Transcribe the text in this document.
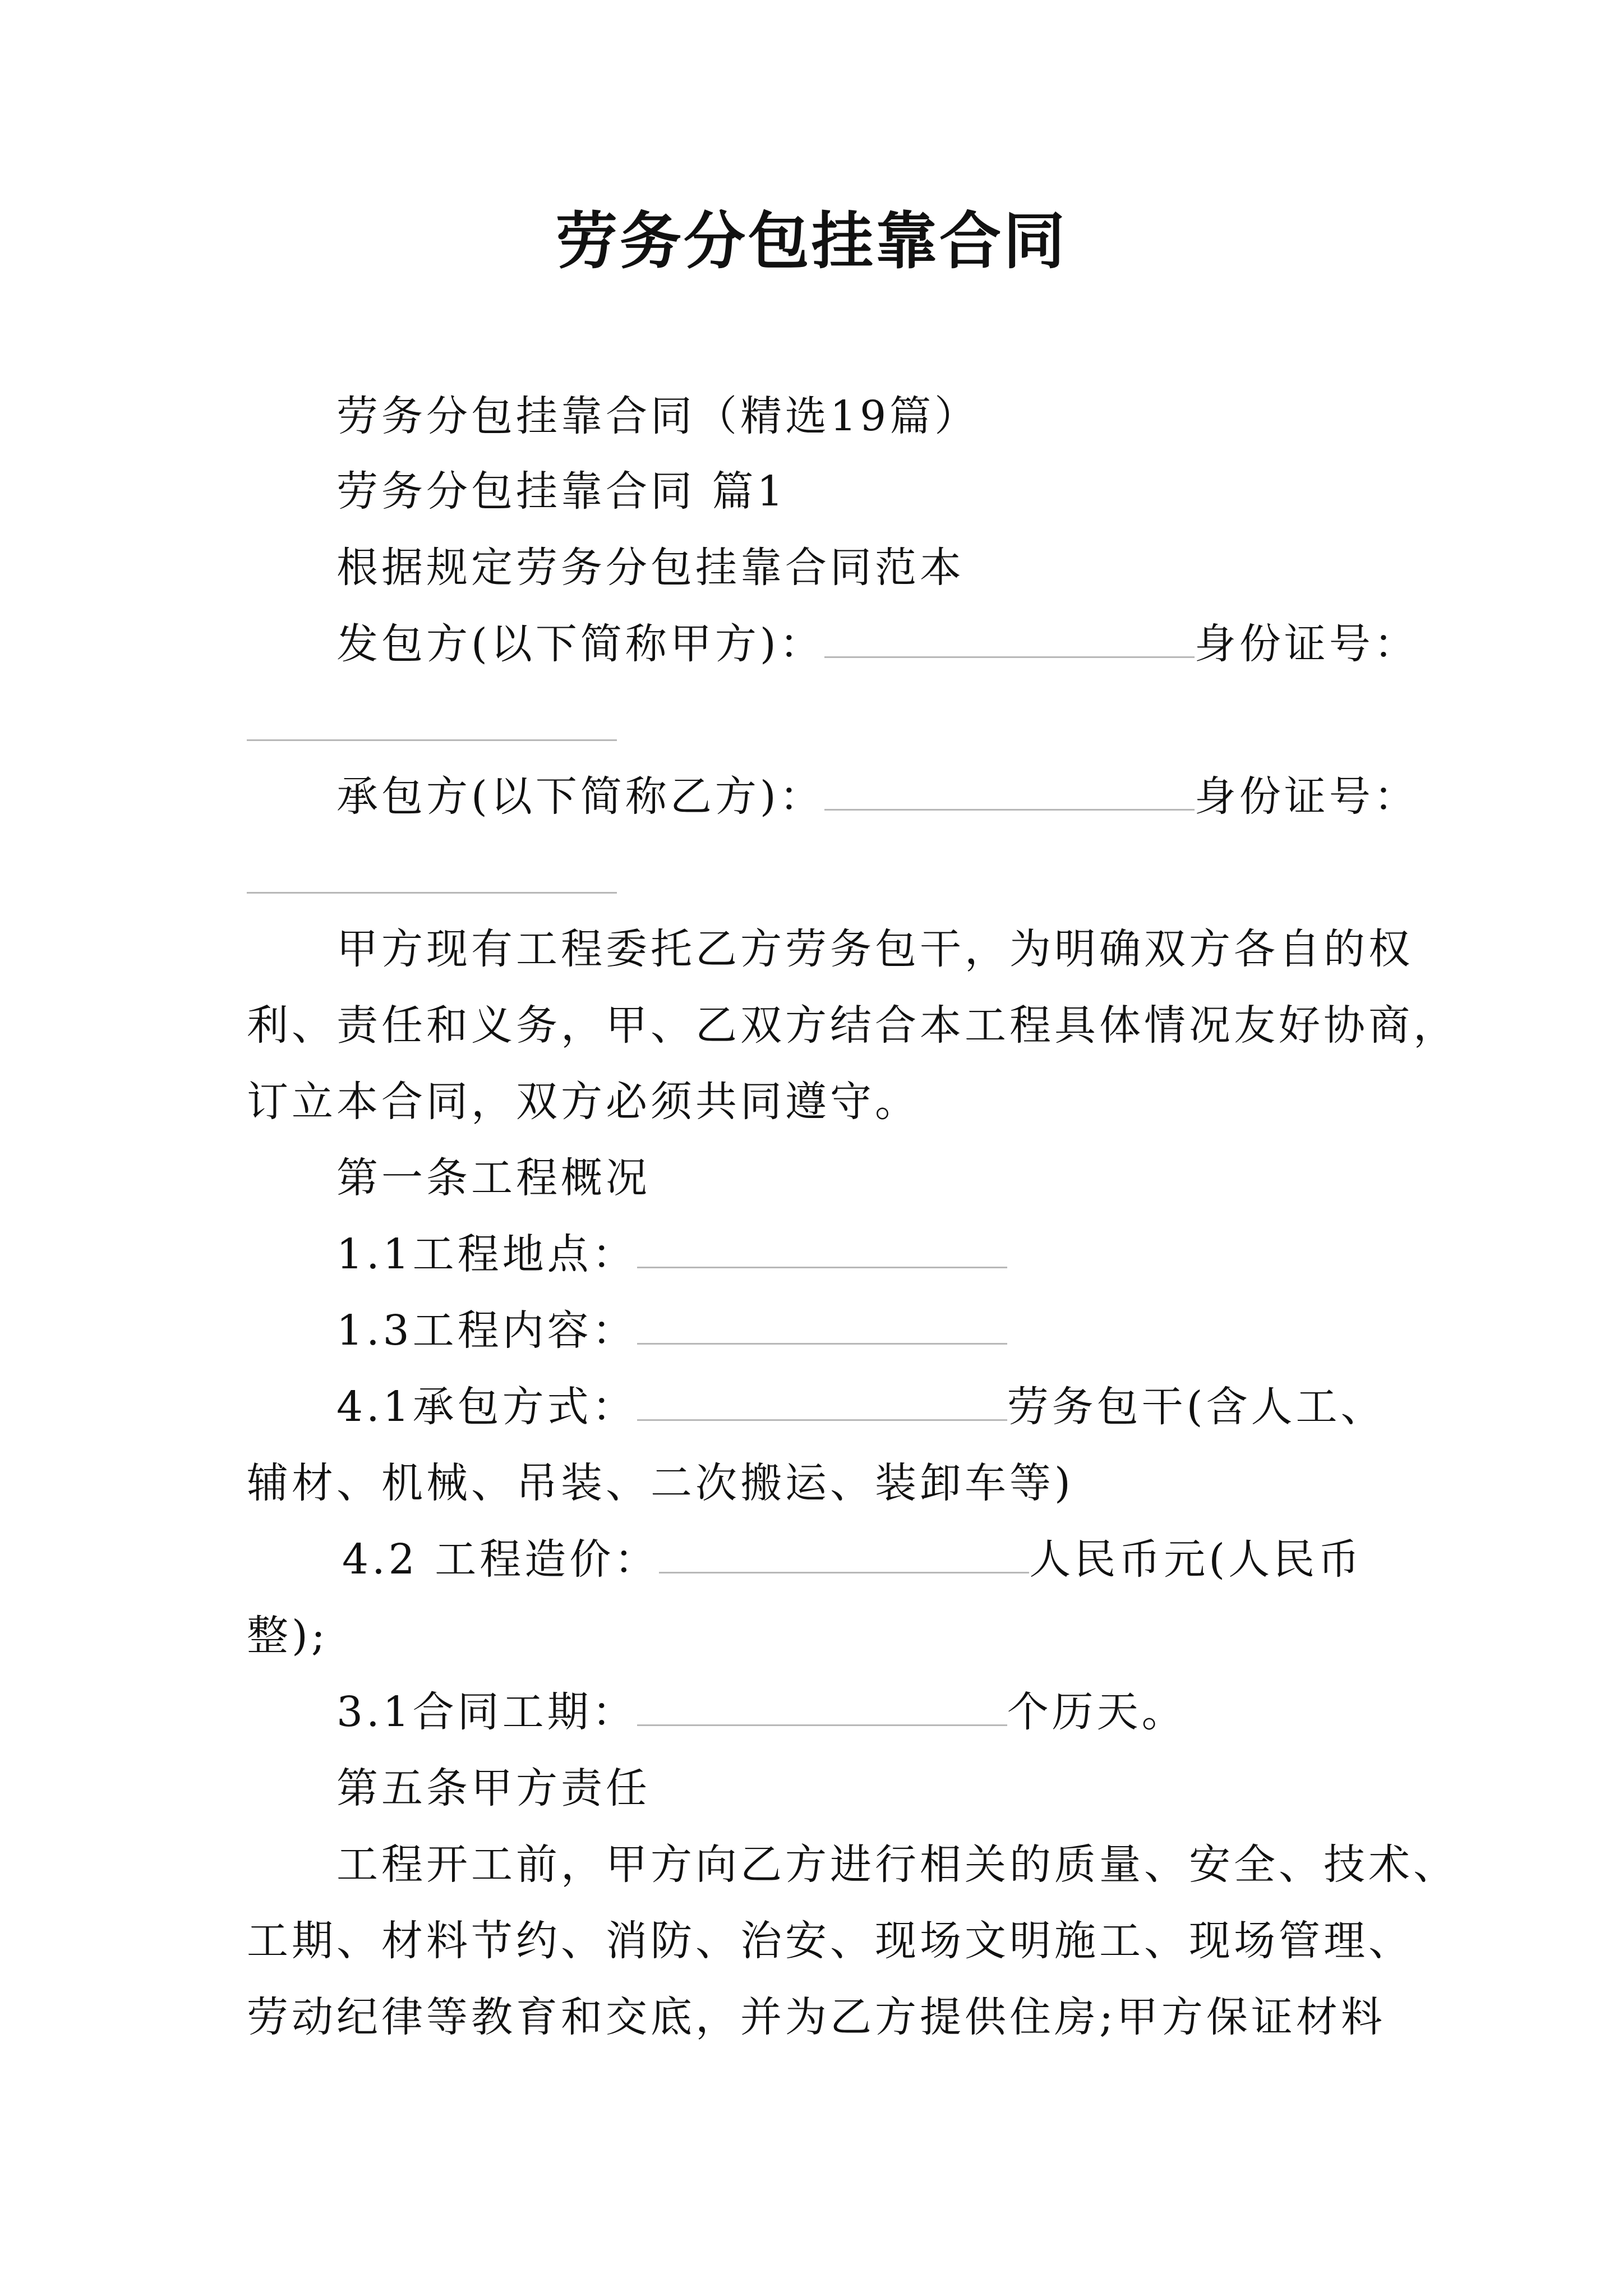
劳务分包挂靠合同
劳务分包挂靠合同（精选19篇）
劳务分包挂靠合同 篇1
根据规定劳务分包挂靠合同范本
发包方(以下简称甲方)：	身份证号：
承包方(以下简称乙方)：	身份证号：
甲方现有工程委托乙方劳务包干，为明确双方各自的权
利、责任和义务，甲、乙双方结合本工程具体情况友好协商，
订立本合同，双方必须共同遵守。
第一条工程概况
1.1工程地点：
1.3工程内容：
4.1承包方式：	劳务包干(含人工、
辅材、机械、吊装、二次搬运、装卸车等)
4.2 工程造价：	人民币元(人民币
整);
3.1合同工期：	个历天。
第五条甲方责任
工程开工前，甲方向乙方进行相关的质量、安全、技术、
工期、材料节约、消防、治安、现场文明施工、现场管理、
劳动纪律等教育和交底，并为乙方提供住房;甲方保证材料
